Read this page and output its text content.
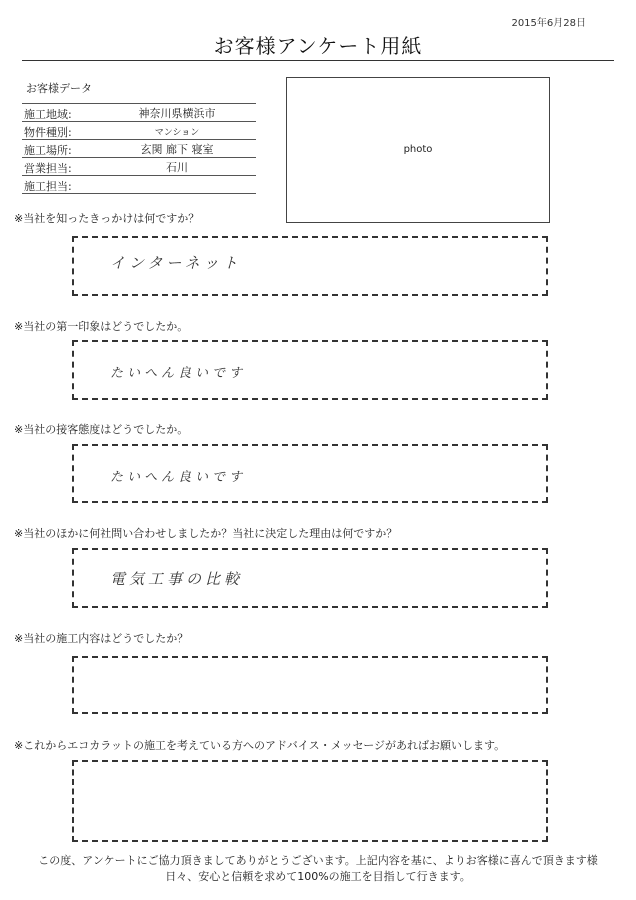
2015年6月28日
お客様アンケート用紙
お客様データ
施工地域:	神奈川県横浜市
物件種別:	マンション
施工場所:	玄関 廊下 寝室
営業担当:	石川
施工担当:
photo
※当社を知ったきっかけは何ですか？
インターネット
※当社の第一印象はどうでしたか。
たいへん良いです
※当社の接客態度はどうでしたか。
たいへん良いです
※当社のほかに何社問い合わせしましたか？当社に決定した理由は何ですか？
電気工事の比較
※当社の施工内容はどうでしたか？
※これからエコカラットの施工を考えている方へのアドバイス・メッセージがあればお願いします。
この度、アンケートにご協力頂きましてありがとうございます。上記内容を基に、よりお客様に喜んで頂きます様
日々、安心と信頼を求めて100%の施工を目指して行きます。
